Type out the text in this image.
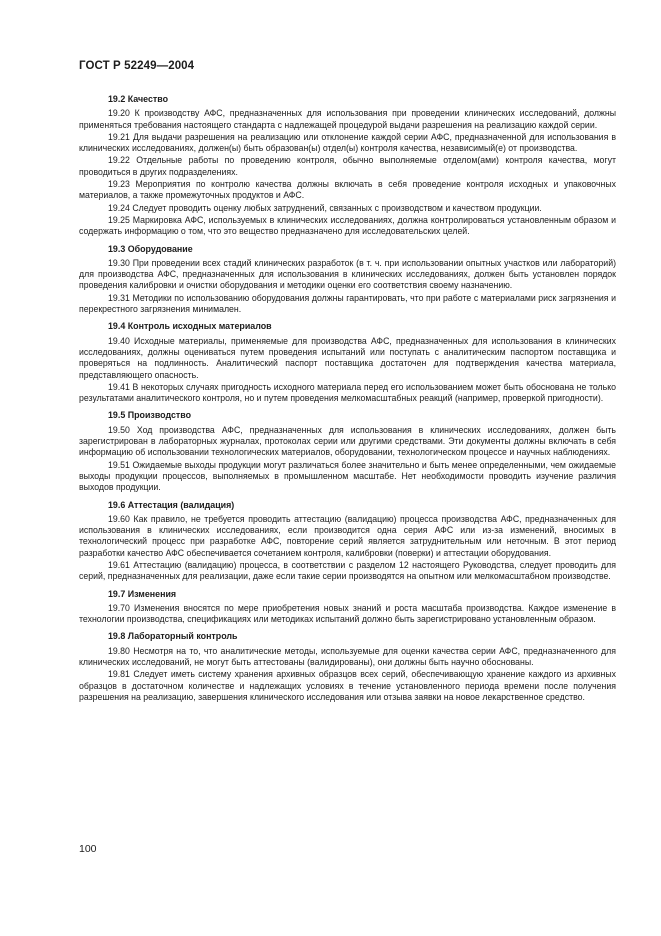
ГОСТ Р 52249—2004
19.2 Качество
19.20 К производству АФС, предназначенных для использования при проведении клинических исследований, должны применяться требования настоящего стандарта с надлежащей процедурой выдачи разрешения на реализацию каждой серии.
19.21 Для выдачи разрешения на реализацию или отклонение каждой серии АФС, предназначенной для использования в клинических исследованиях, должен(ы) быть образован(ы) отдел(ы) контроля качества, независимый(е) от производства.
19.22 Отдельные работы по проведению контроля, обычно выполняемые отделом(ами) контроля качества, могут проводиться в других подразделениях.
19.23 Мероприятия по контролю качества должны включать в себя проведение контроля исходных и упаковочных материалов, а также промежуточных продуктов и АФС.
19.24 Следует проводить оценку любых затруднений, связанных с производством и качеством продукции.
19.25 Маркировка АФС, используемых в клинических исследованиях, должна контролироваться установленным образом и содержать информацию о том, что это вещество предназначено для исследовательских целей.
19.3 Оборудование
19.30 При проведении всех стадий клинических разработок (в т. ч. при использовании опытных участков или лабораторий) для производства АФС, предназначенных для использования в клинических исследованиях, должен быть установлен порядок проведения калибровки и очистки оборудования и методики оценки его соответствия своему назначению.
19.31 Методики по использованию оборудования должны гарантировать, что при работе с материалами риск загрязнения и перекрестного загрязнения минимален.
19.4 Контроль исходных материалов
19.40 Исходные материалы, применяемые для производства АФС, предназначенных для использования в клинических исследованиях, должны оцениваться путем проведения испытаний или поступать с аналитическим паспортом поставщика и проверяться на подлинность. Аналитический паспорт поставщика достаточен для подтверждения качества материала, представляющего опасность.
19.41 В некоторых случаях пригодность исходного материала перед его использованием может быть обоснована не только результатами аналитического контроля, но и путем проведения мелкомасштабных реакций (например, проверкой пригодности).
19.5 Производство
19.50 Ход производства АФС, предназначенных для использования в клинических исследованиях, должен быть зарегистрирован в лабораторных журналах, протоколах серии или другими средствами. Эти документы должны включать в себя информацию об использовании технологических материалов, оборудовании, технологическом процессе и научных наблюдениях.
19.51 Ожидаемые выходы продукции могут различаться более значительно и быть менее определенными, чем ожидаемые выходы продукции процессов, выполняемых в промышленном масштабе. Нет необходимости проводить изучение различия выходов продукции.
19.6 Аттестация (валидация)
19.60 Как правило, не требуется проводить аттестацию (валидацию) процесса производства АФС, предназначенных для использования в клинических исследованиях, если производится одна серия АФС или из-за изменений, вносимых в технологический процесс при разработке АФС, повторение серий является затруднительным или неточным. В этот период разработки качество АФС обеспечивается сочетанием контроля, калибровки (поверки) и аттестации оборудования.
19.61 Аттестацию (валидацию) процесса, в соответствии с разделом 12 настоящего Руководства, следует проводить для серий, предназначенных для реализации, даже если такие серии производятся на опытном или мелкомасштабном производстве.
19.7 Изменения
19.70 Изменения вносятся по мере приобретения новых знаний и роста масштаба производства. Каждое изменение в технологии производства, спецификациях или методиках испытаний должно быть зарегистрировано установленным образом.
19.8 Лабораторный контроль
19.80 Несмотря на то, что аналитические методы, используемые для оценки качества серии АФС, предназначенного для клинических исследований, не могут быть аттестованы (валидированы), они должны быть научно обоснованы.
19.81 Следует иметь систему хранения архивных образцов всех серий, обеспечивающую хранение каждого из архивных образцов в достаточном количестве и надлежащих условиях в течение установленного периода времени после получения разрешения на реализацию, завершения клинического исследования или отзыва заявки на новое лекарственное средство.
100
